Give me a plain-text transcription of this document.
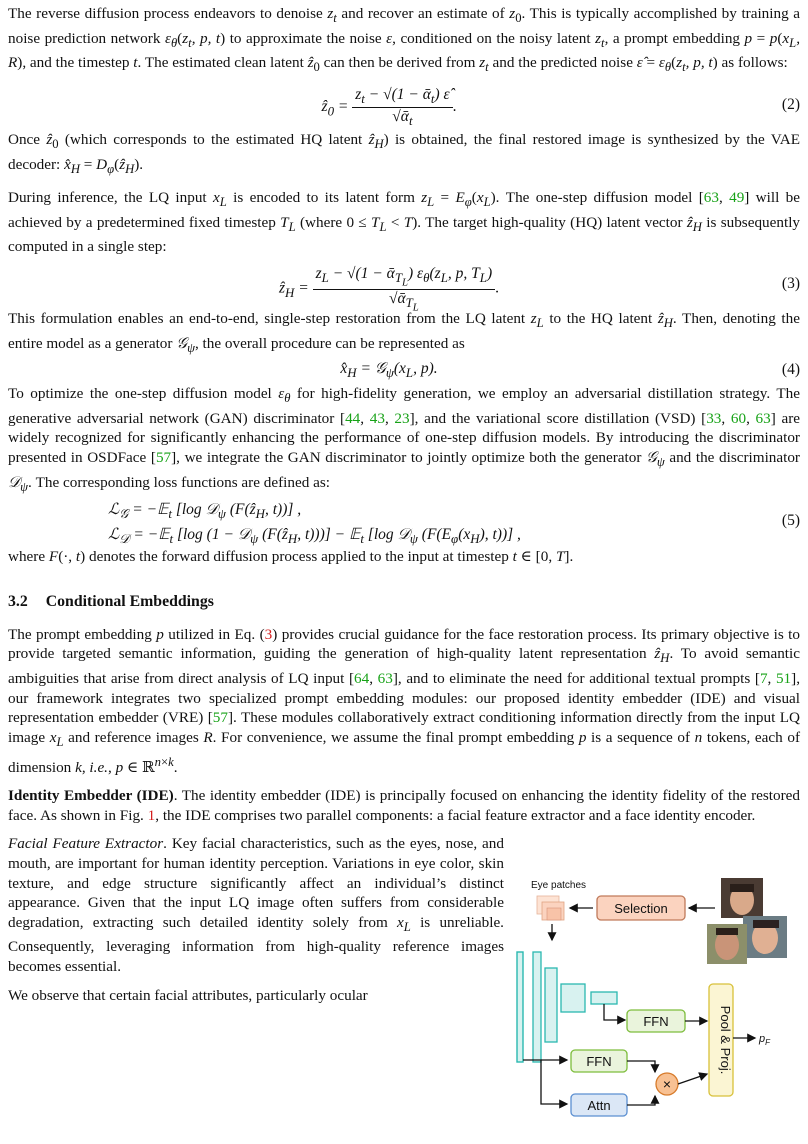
The reverse diffusion process endeavors to denoise $z_t$ and recover an estimate of $z_0$. This is typically accomplished by training a noise prediction network $\varepsilon_\theta(z_t$, p, t) to approximate the noise ε, conditioned on the noisy latent $z_t$, a prompt embedding $p = p(x_L$, R), and the timestep t. The estimated clean latent ẑ$_0$ can then be derived from $z_t$ and the predicted noise ε̂ = $\varepsilon_\theta(z_t$, p, t) as follows:

ẑ$_0$ = $\frac{z_t - √(1 - ᾱ_t) \varepsilon̂}{√ᾱ_t}$ .	(2)

Once ẑ$_0$ (which corresponds to the estimated HQ latent ẑ$_H$) is obtained, the final restored image is synthesized by the VAE decoder: $x̂_H$ = $D_\varphi(ẑ_H)$.

During inference, the LQ input $x_L$ is encoded to its latent form $z_L = E_\varphi(x_L)$. The one-step diffusion model [63, 49] will be achieved by a predetermined fixed timestep $T_L$ (where $0 \le T_L < T$). The target high-quality (HQ) latent vector ẑ$_H$ is subsequently computed in a single step:

ẑ$_H$ = $\frac{z_L - √(1 - ᾱ_{T_L}) \varepsilon_\theta(z_L, p, T_L)}{√ᾱ_{T_L}}$ .	(3)

This formulation enables an end-to-end, single-step restoration from the LQ latent $z_L$ to the HQ latent ẑ$_H$. Then, denoting the entire model as a generator 𝒢$_\psi$, the overall procedure can be represented as

$x̂_H$ = $𝒢_\psi(x_L$, p).	(4)

To optimize the one-step diffusion model $\varepsilon_\theta$ for high-fidelity generation, we employ an adversarial distillation strategy. The generative adversarial network (GAN) discriminator [44, 43, 23], and the variational score distillation (VSD) [33, 60, 63] are widely recognized for significantly enhancing the performance of one-step diffusion models. By introducing the discriminator presented in OSDFace [57], we integrate the GAN discriminator to jointly optimize both the generator 𝒢$_\psi$ and the discriminator 𝒟$_\psi$. The corresponding loss functions are defined as:

ℒ$_𝒢$ = −𝔼$_t$ [log 𝒟$_\psi$ (F(ẑ$_H$, t))] ,
ℒ$_𝒟$ = −𝔼$_t$ [log (1 − 𝒟$_\psi$ (F(ẑ$_H$, t)))] − 𝔼$_t$ [log 𝒟$_\psi$ ($F(E_\varphi(x_H)$, t))] ,
(5)

where F(·, t) denotes the forward diffusion process applied to the input at timestep t ∈ [0, T].

3.2 Conditional Embeddings

The prompt embedding p utilized in Eq. (3) provides crucial guidance for the face restoration process. Its primary objective is to provide targeted semantic information, guiding the generation of high-quality latent representation ẑ$_H$. To avoid semantic ambiguities that arise from direct analysis of LQ input [64, 63], and to eliminate the need for additional textual prompts [7, 51], our framework integrates two specialized prompt embedding modules: our proposed identity embedder (IDE) and visual representation embedder (VRE) [57]. These modules collaboratively extract conditioning information directly from the input LQ image $x_L$ and reference images R. For convenience, we assume the final prompt embedding p is a sequence of n tokens, each of dimension k, i.e., p ∈ ℝ$^{n\times k}$.

Identity Embedder (IDE). The identity embedder (IDE) is principally focused on enhancing the identity fidelity of the restored face. As shown in Fig. 1, the IDE comprises two parallel components: a facial feature extractor and a face identity encoder.

Facial Feature Extractor. Key facial characteristics, such as the eyes, nose, and mouth, are important for human identity perception. Variations in eye color, skin texture, and edge structure significantly affect an individual’s distinct appearance. Given that the input LQ image often suffers from considerable degradation, extracting such detailed identity solely from $x_L$ is unreliable. Consequently, leveraging information from high-quality reference images becomes essential.

We observe that certain facial attributes, particularly ocular

Eye patches
Selection
FFN	Pool & Proj. $p_F$
FFN
Attn
×
